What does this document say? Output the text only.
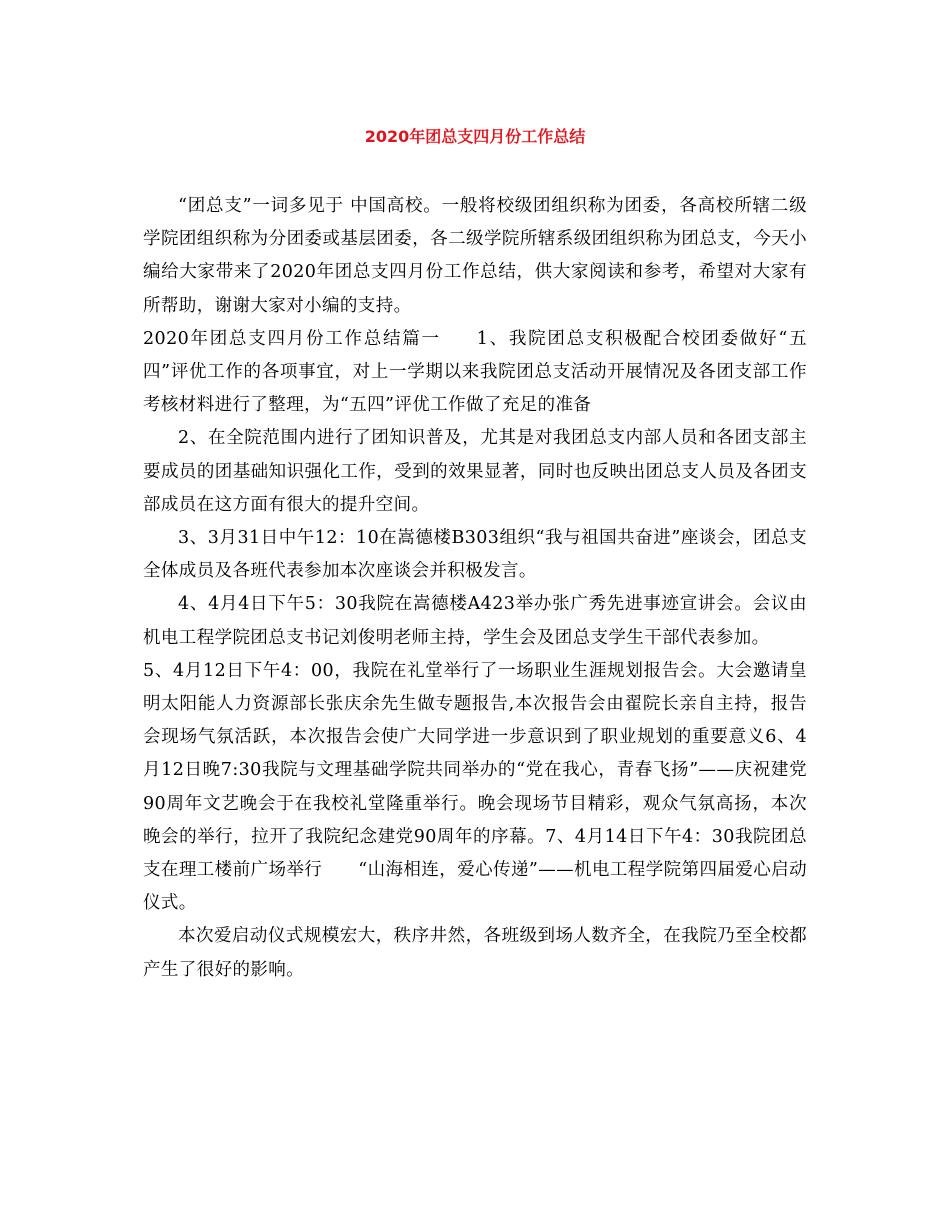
2020年团总支四月份工作总结

“团总支”一词多见于 中国高校。一般将校级团组织称为团委，各高校所辖二级学院团组织称为分团委或基层团委，各二级学院所辖系级团组织称为团总支，今天小编给大家带来了2020年团总支四月份工作总结，供大家阅读和参考，希望对大家有所帮助，谢谢大家对小编的支持。

2020年团总支四月份工作总结篇一 1、我院团总支积极配合校团委做好“五四”评优工作的各项事宜，对上一学期以来我院团总支活动开展情况及各团支部工作考核材料进行了整理，为“五四”评优工作做了充足的准备

2、在全院范围内进行了团知识普及，尤其是对我团总支内部人员和各团支部主要成员的团基础知识强化工作，受到的效果显著，同时也反映出团总支人员及各团支部成员在这方面有很大的提升空间。

3、3月31日中午12：10在嵩德楼B303组织“我与祖国共奋进”座谈会，团总支全体成员及各班代表参加本次座谈会并积极发言。

4、4月4日下午5：30我院在嵩德楼A423举办张广秀先进事迹宣讲会。会议由机电工程学院团总支书记刘俊明老师主持，学生会及团总支学生干部代表参加。

5、4月12日下午4：00，我院在礼堂举行了一场职业生涯规划报告会。大会邀请皇明太阳能人力资源部长张庆余先生做专题报告,本次报告会由翟院长亲自主持，报告会现场气氛活跃，本次报告会使广大同学进一步意识到了职业规划的重要意义6、4月12日晚7:30我院与文理基础学院共同举办的“党在我心，青春飞扬”——庆祝建党90周年文艺晚会于在我校礼堂隆重举行。晚会现场节目精彩，观众气氛高扬，本次晚会的举行，拉开了我院纪念建党90周年的序幕。7、4月14日下午4：30我院团总支在理工楼前广场举行 “山海相连，爱心传递”——机电工程学院第四届爱心启动仪式。

本次爱启动仪式规模宏大，秩序井然，各班级到场人数齐全，在我院乃至全校都产生了很好的影响。
